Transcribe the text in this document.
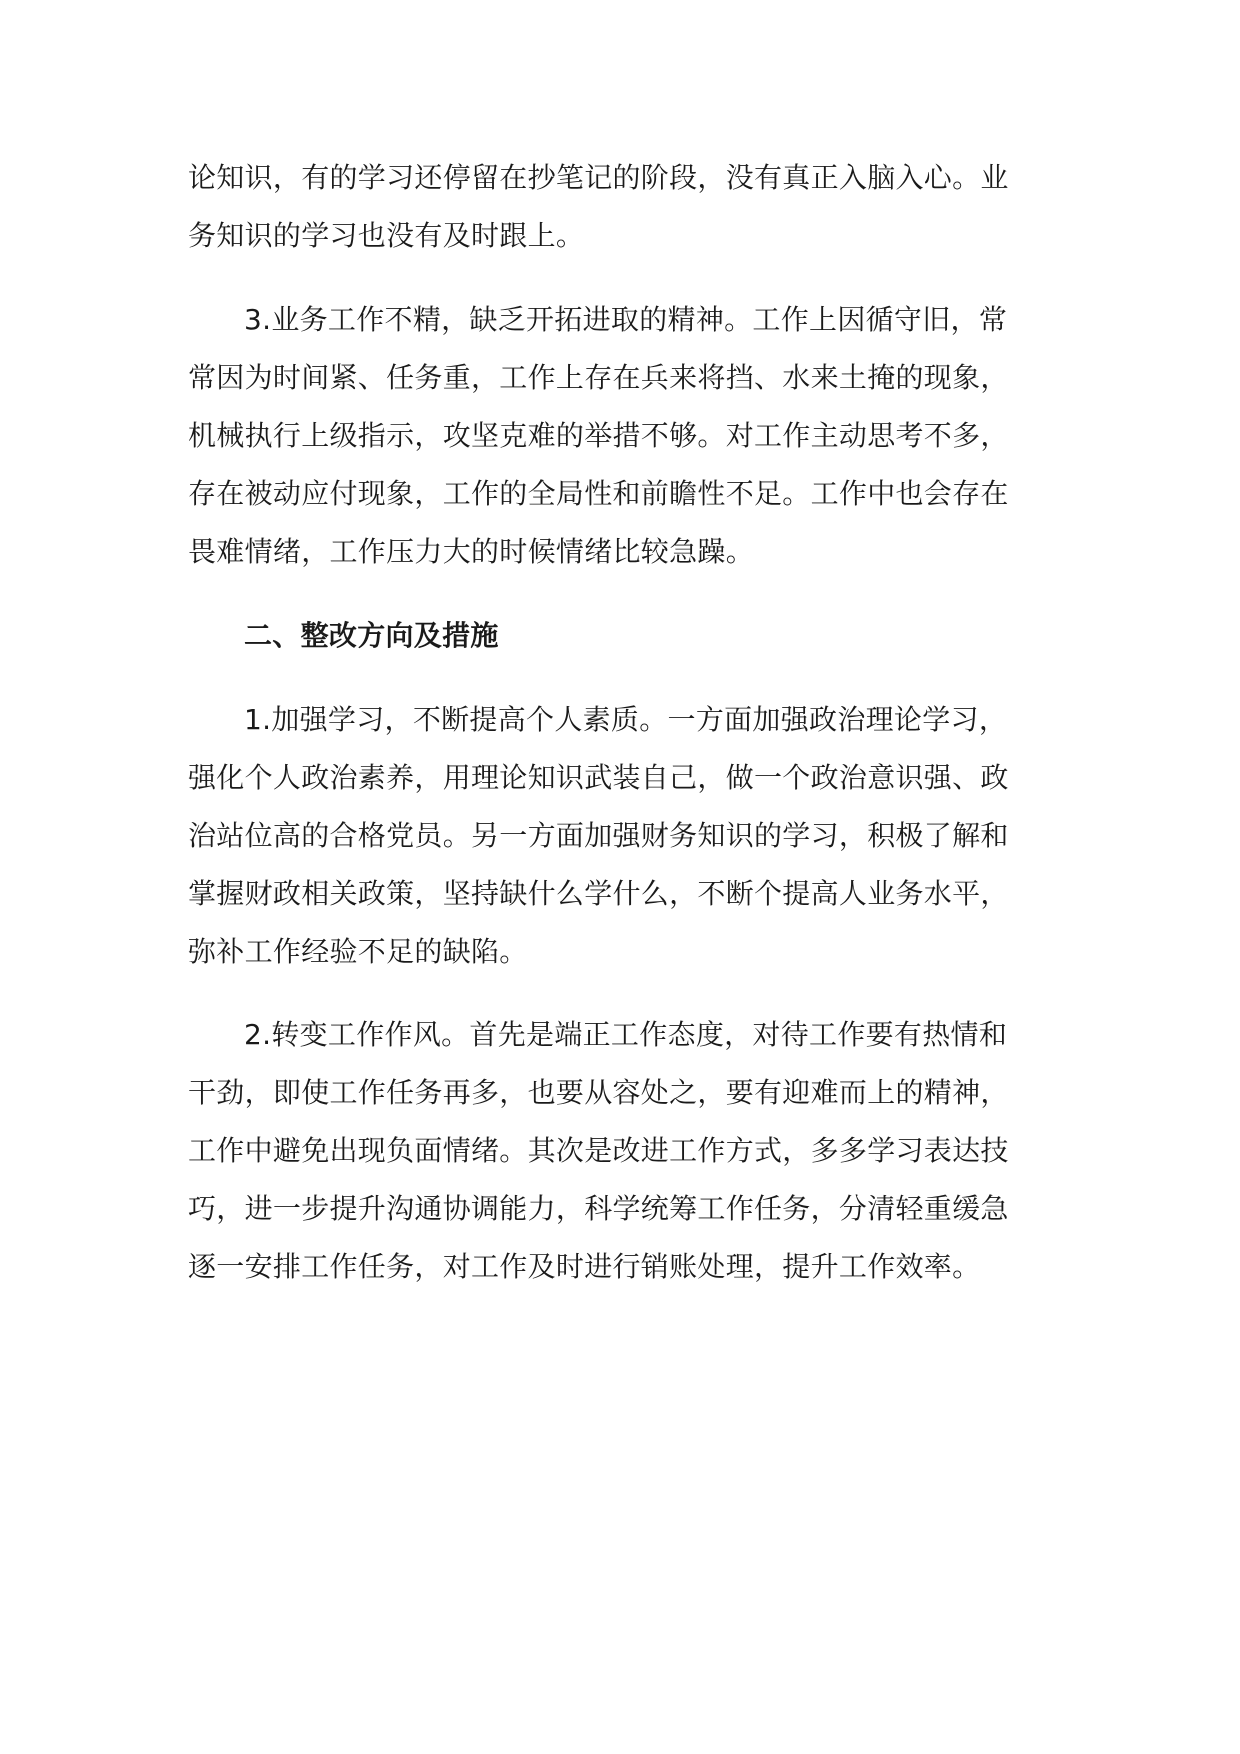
论知识，有的学习还停留在抄笔记的阶段，没有真正入脑入心。业
务知识的学习也没有及时跟上。
3.业务工作不精，缺乏开拓进取的精神。工作上因循守旧，常
常因为时间紧、任务重，工作上存在兵来将挡、水来土掩的现象，
机械执行上级指示，攻坚克难的举措不够。对工作主动思考不多，
存在被动应付现象，工作的全局性和前瞻性不足。工作中也会存在
畏难情绪，工作压力大的时候情绪比较急躁。
二、整改方向及措施
1.加强学习，不断提高个人素质。一方面加强政治理论学习，
强化个人政治素养，用理论知识武装自己，做一个政治意识强、政
治站位高的合格党员。另一方面加强财务知识的学习，积极了解和
掌握财政相关政策，坚持缺什么学什么，不断个提高人业务水平，
弥补工作经验不足的缺陷。
2.转变工作作风。首先是端正工作态度，对待工作要有热情和
干劲，即使工作任务再多，也要从容处之，要有迎难而上的精神，
工作中避免出现负面情绪。其次是改进工作方式，多多学习表达技
巧，进一步提升沟通协调能力，科学统筹工作任务，分清轻重缓急
逐一安排工作任务，对工作及时进行销账处理，提升工作效率。
